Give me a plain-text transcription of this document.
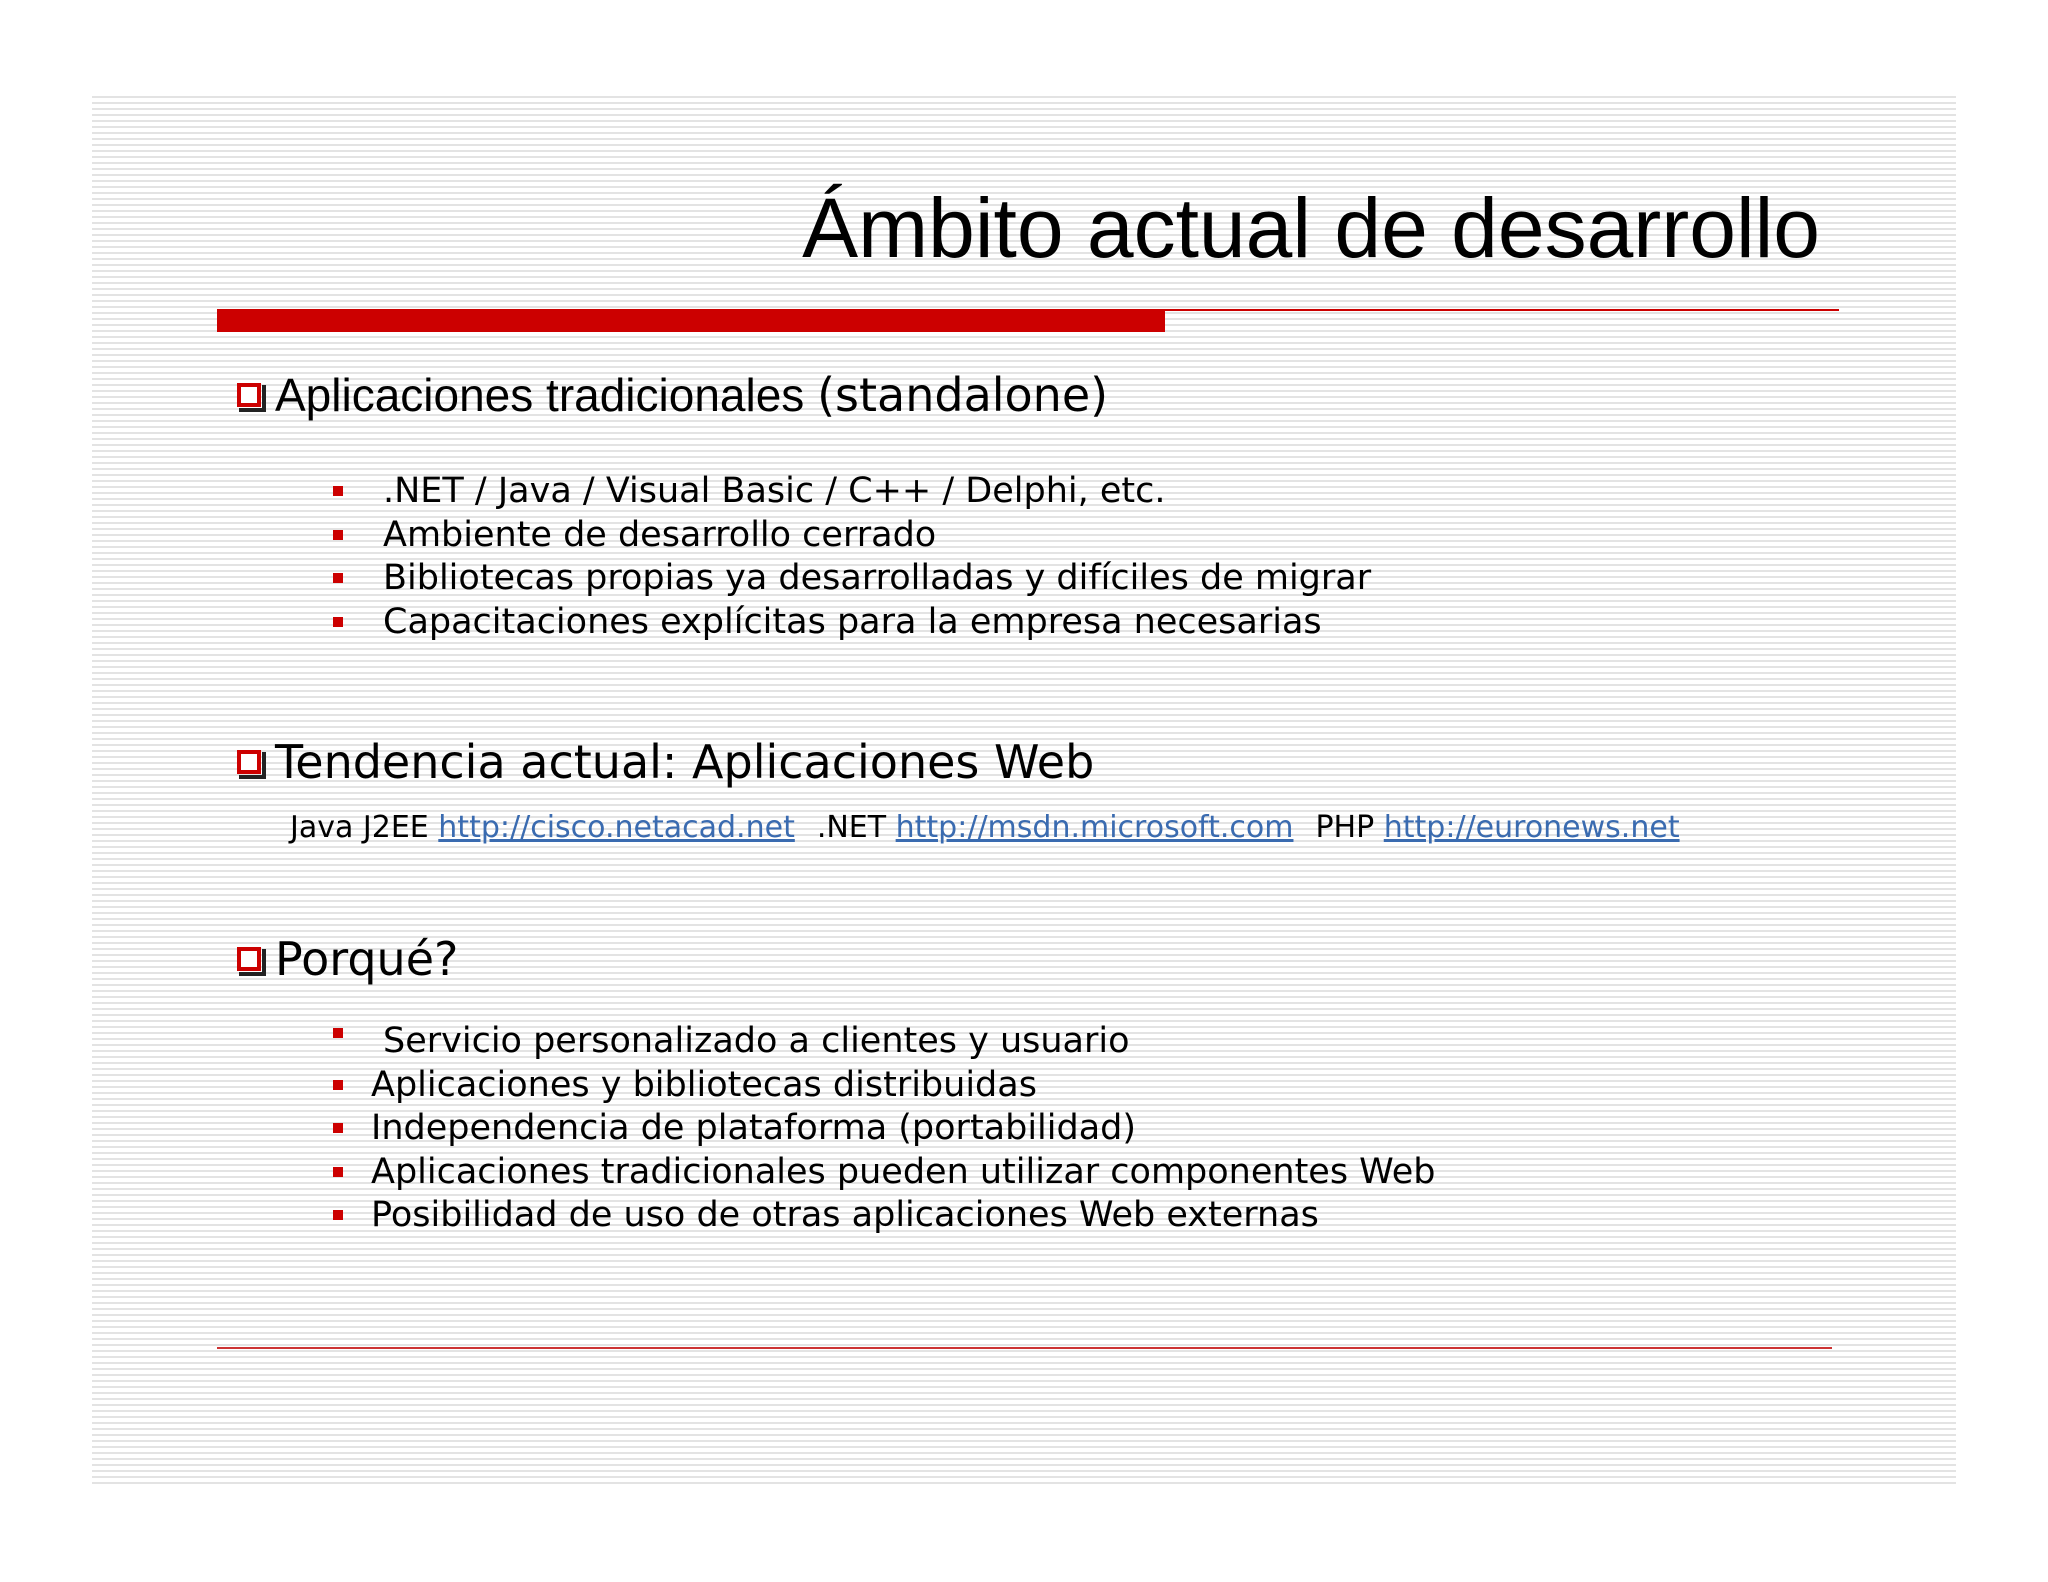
Ámbito actual de desarrollo
Aplicaciones tradicionales
(standalone)
.NET / Java / Visual Basic / C++ / Delphi, etc.
Ambiente de desarrollo cerrado
Bibliotecas propias ya desarrolladas y difíciles de migrar
Capacitaciones explícitas para la empresa necesarias
Tendencia actual: Aplicaciones Web
Java J2EE http://cisco.netacad.net .NET http://msdn.microsoft.com PHP http://euronews.net
Porqué?
Servicio personalizado a clientes y usuario
Aplicaciones y bibliotecas distribuidas
Independencia de plataforma (portabilidad)
Aplicaciones tradicionales pueden utilizar componentes Web
Posibilidad de uso de otras aplicaciones Web externas
